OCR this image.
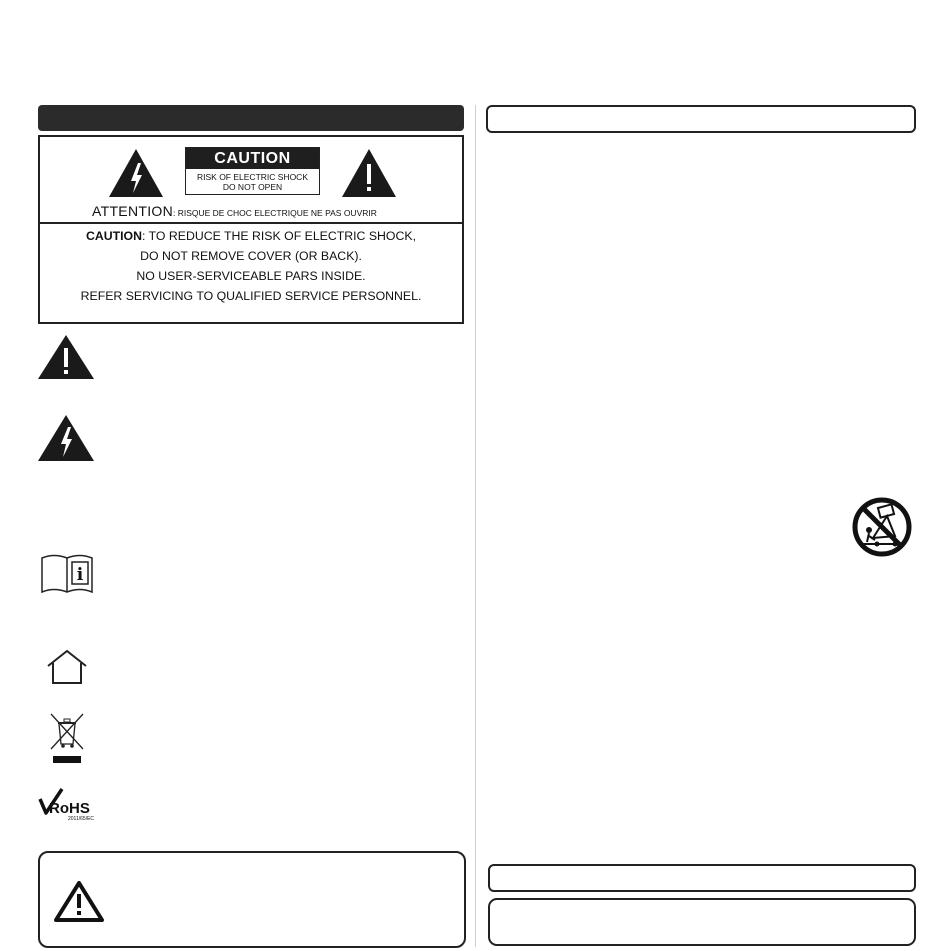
CAUTION
RISK OF ELECTRIC SHOCK
DO NOT OPEN
ATTENTION: RISQUE DE CHOC ELECTRIQUE NE PAS OUVRIR
CAUTION: TO REDUCE THE RISK OF ELECTRIC SHOCK,
DO NOT REMOVE COVER (OR BACK).
NO USER-SERVICEABLE PARS INSIDE.
REFER SERVICING TO QUALIFIED SERVICE PERSONNEL.
i
RoHS
2011/65/EC
